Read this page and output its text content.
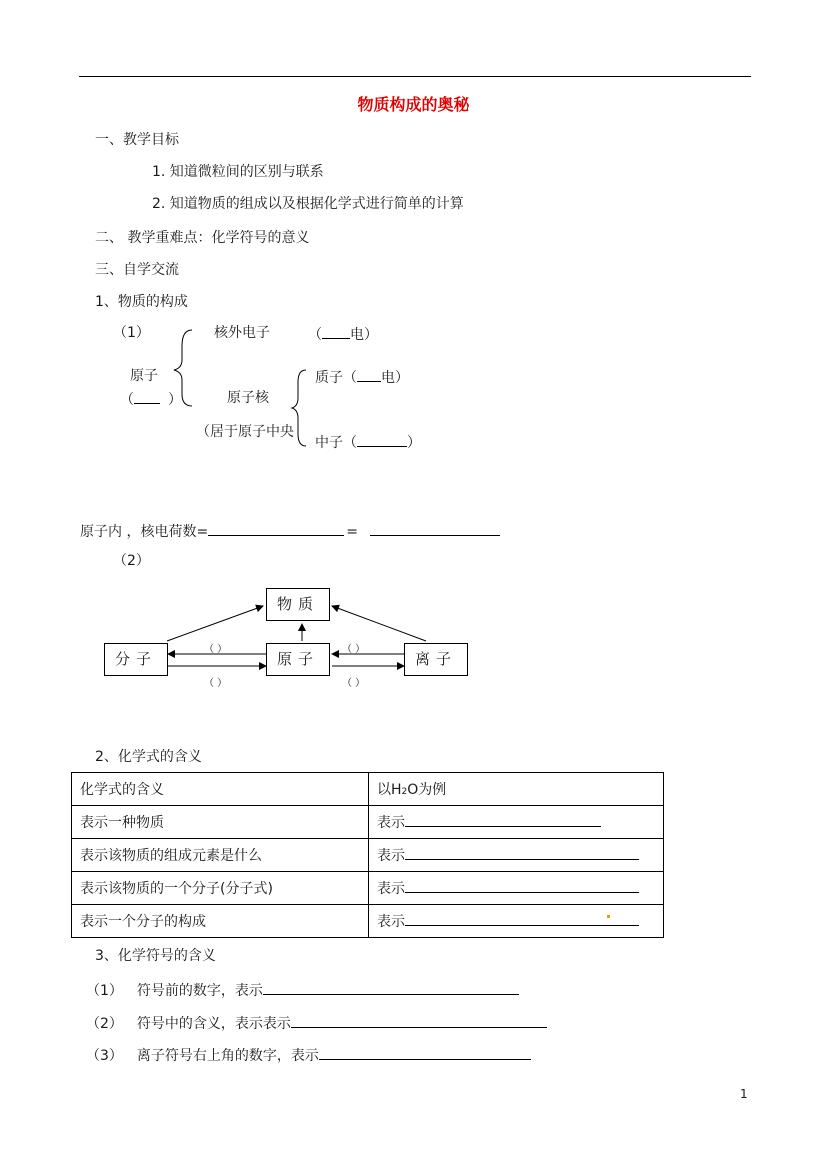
物质构成的奥秘
一、教学目标
1. 知道微粒间的区别与联系
2. 知道物质的组成以及根据化学式进行简单的计算
二、 教学重难点：化学符号的意义
三、自学交流
1、物质的构成
（1）
原子
（ ）
核外电子	（ 电）
原子核
（居于原子中央
质子（ 电）
中子（	）
原子内 ，核电荷数=	=
（2）
物质
分子	原子	离子
（ ）
（ ）
（ ）
（ ）
2、化学式的含义
化学式的含义	以H2O为例
表示一种物质	表示
表示该物质的组成元素是什么	表示
表示该物质的一个分子(分子式)	表示
表示一个分子的构成	表示
3、化学符号的含义
（1） 符号前的数字，表示
（2） 符号中的含义，表示表示
（3） 离子符号右上角的数字，表示
1
